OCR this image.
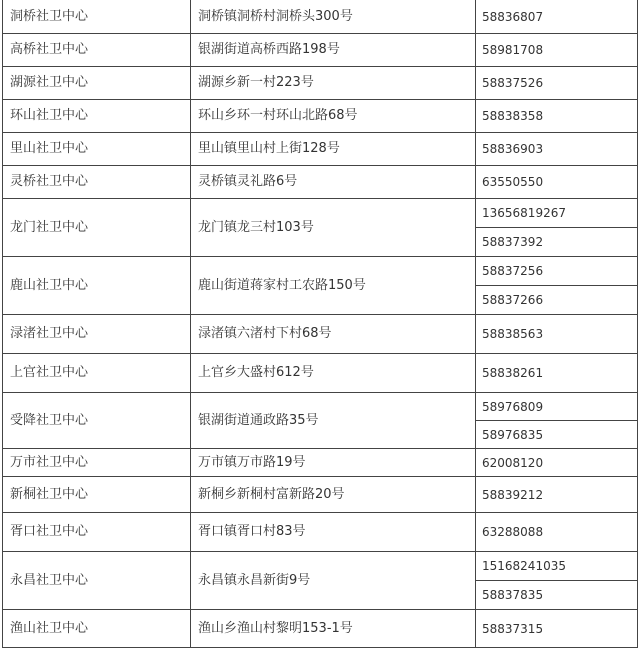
洞桥社卫中心	洞桥镇洞桥村洞桥头300号	58836807
高桥社卫中心	银湖街道高桥西路198号	58981708
湖源社卫中心	湖源乡新一村223号	58837526
环山社卫中心	环山乡环一村环山北路68号	58838358
里山社卫中心	里山镇里山村上街128号	58836903
灵桥社卫中心	灵桥镇灵礼路6号	63550550
龙门社卫中心	龙门镇龙三村103号	13656819267
		58837392
鹿山社卫中心	鹿山街道蒋家村工农路150号	58837256
		58837266
渌渚社卫中心	渌渚镇六渚村下村68号	58838563
上官社卫中心	上官乡大盛村612号	58838261
受降社卫中心	银湖街道通政路35号	58976809
		58976835
万市社卫中心	万市镇万市路19号	62008120
新桐社卫中心	新桐乡新桐村富新路20号	58839212
胥口社卫中心	胥口镇胥口村83号	63288088
永昌社卫中心	永昌镇永昌新街9号	15168241035
		58837835
渔山社卫中心	渔山乡渔山村黎明153-1号	58837315
